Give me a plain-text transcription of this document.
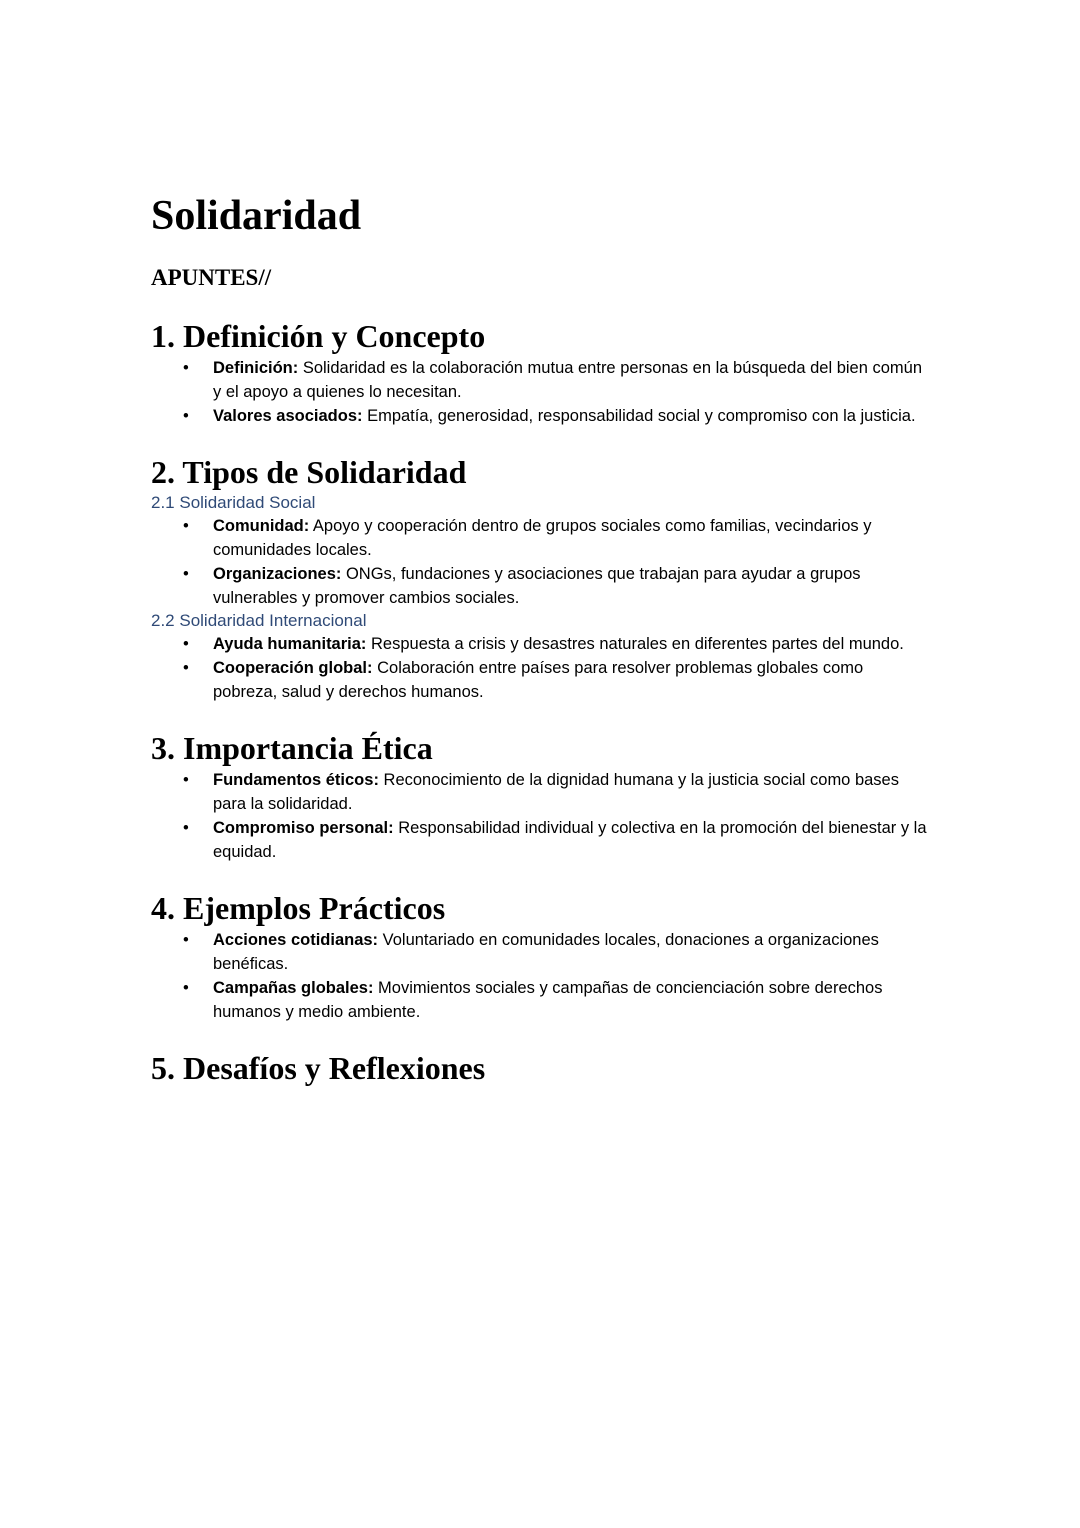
Solidaridad
APUNTES//
1. Definición y Concepto
• Definición: Solidaridad es la colaboración mutua entre personas en la búsqueda del bien común y el apoyo a quienes lo necesitan.
• Valores asociados: Empatía, generosidad, responsabilidad social y compromiso con la justicia.
2. Tipos de Solidaridad
2.1 Solidaridad Social
• Comunidad: Apoyo y cooperación dentro de grupos sociales como familias, vecindarios y comunidades locales.
• Organizaciones: ONGs, fundaciones y asociaciones que trabajan para ayudar a grupos vulnerables y promover cambios sociales.
2.2 Solidaridad Internacional
• Ayuda humanitaria: Respuesta a crisis y desastres naturales en diferentes partes del mundo.
• Cooperación global: Colaboración entre países para resolver problemas globales como pobreza, salud y derechos humanos.
3. Importancia Ética
• Fundamentos éticos: Reconocimiento de la dignidad humana y la justicia social como bases para la solidaridad.
• Compromiso personal: Responsabilidad individual y colectiva en la promoción del bienestar y la equidad.
4. Ejemplos Prácticos
• Acciones cotidianas: Voluntariado en comunidades locales, donaciones a organizaciones benéficas.
• Campañas globales: Movimientos sociales y campañas de concienciación sobre derechos humanos y medio ambiente.
5. Desafíos y Reflexiones
